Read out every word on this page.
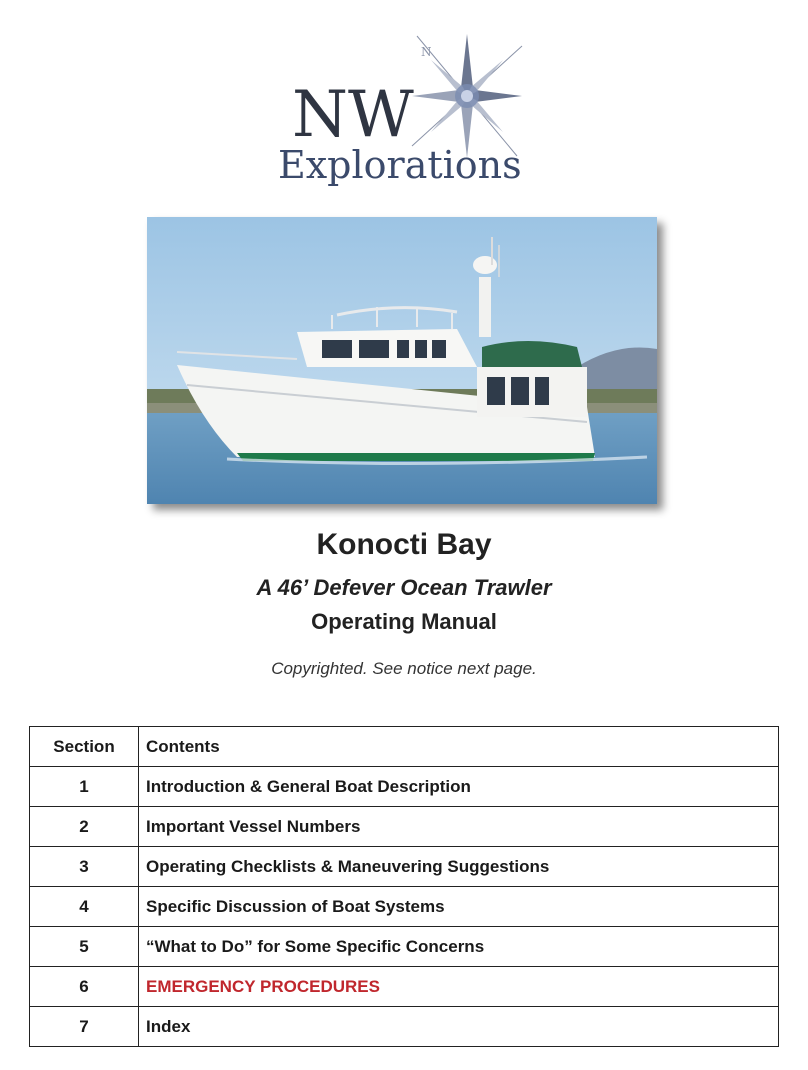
N
NW
Explorations
Konocti Bay
A 46’ Defever Ocean Trawler
Operating Manual
Copyrighted. See notice next page.
Section	Contents
1	Introduction & General Boat Description
2	Important Vessel Numbers
3	Operating Checklists & Maneuvering Suggestions
4	Specific Discussion of Boat Systems
5	“What to Do” for Some Specific Concerns
6	EMERGENCY PROCEDURES
7	Index
